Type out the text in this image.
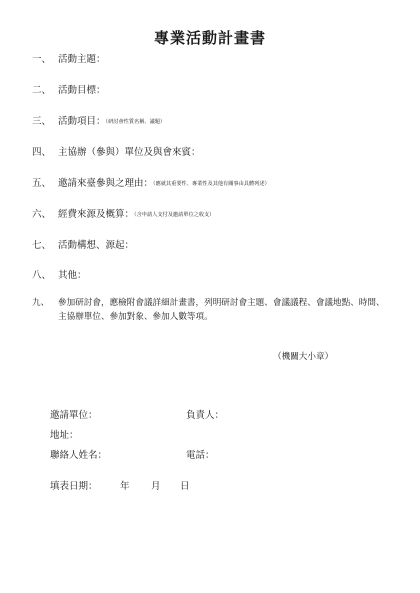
專業活動計畫書
一、 活動主題：
二、 活動目標：
三、 活動項目：（研討會性質名稱、議題）
四、 主協辦（參與）單位及與會來賓：
五、 邀請來臺參與之理由：（應就其重要性、專業性及其他有關事由具體列述）
六、 經費來源及概算：（含申請人支付及邀請單位之收支）
七、 活動構想、源起：
八、 其他：
九、 參加研討會，應檢附會議詳細計畫書，列明研討會主題、會議議程、會議地點、時間、主協辦單位、參加對象、參加人數等項。
（機關大小章）
邀請單位：	負責人：
地址：
聯絡人姓名：	電話：
填表日期： 年 月 日
